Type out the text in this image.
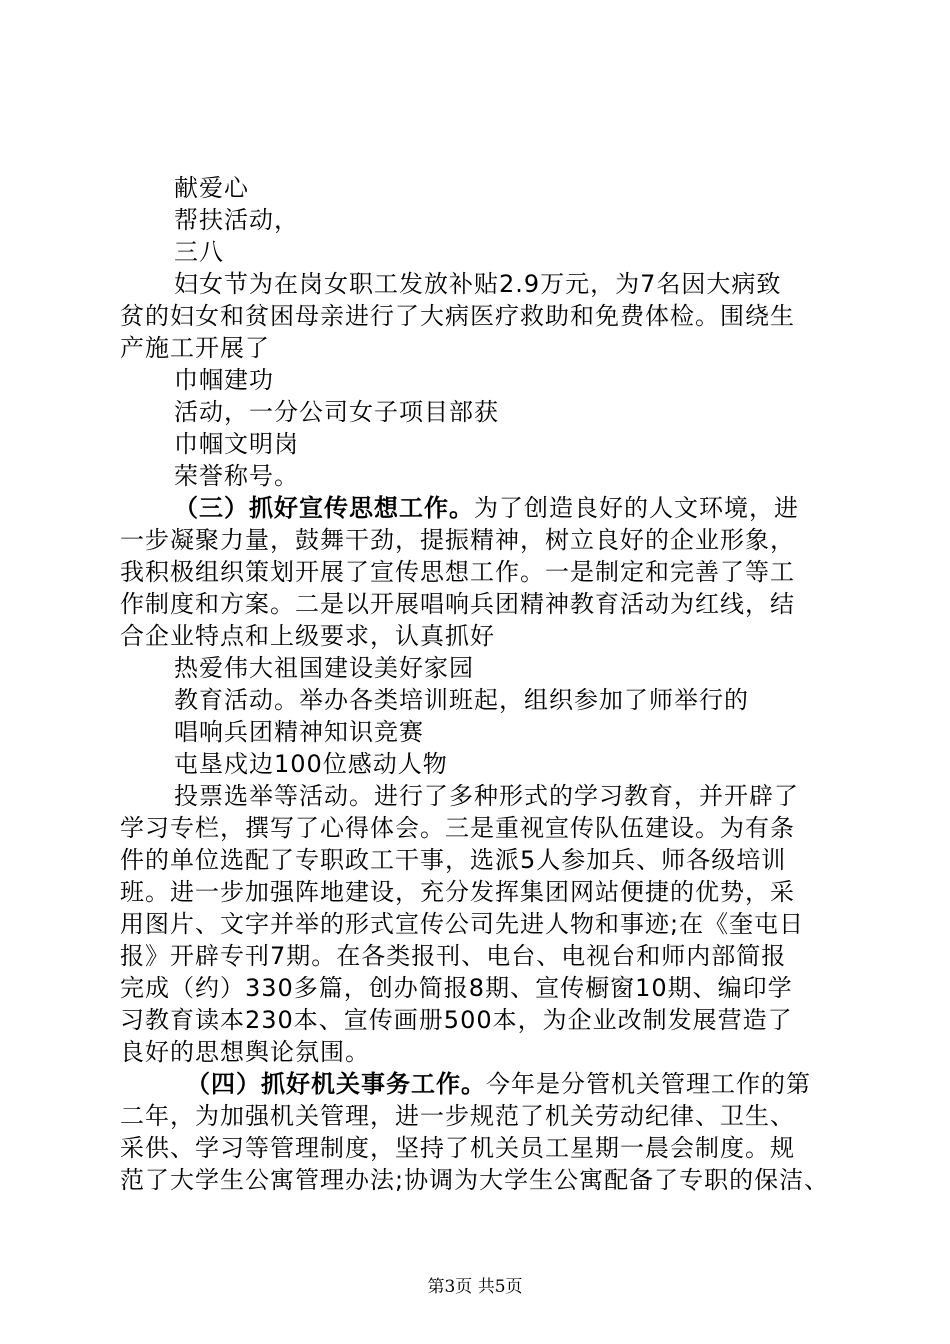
献爱心
帮扶活动，
三八
妇女节为在岗女职工发放补贴2.9万元，为7名因大病致
贫的妇女和贫困母亲进行了大病医疗救助和免费体检。围绕生
产施工开展了
巾帼建功
活动，一分公司女子项目部获
巾帼文明岗
荣誉称号。
（三）抓好宣传思想工作。为了创造良好的人文环境，进
一步凝聚力量，鼓舞干劲，提振精神，树立良好的企业形象，
我积极组织策划开展了宣传思想工作。一是制定和完善了等工
作制度和方案。二是以开展唱响兵团精神教育活动为红线，结
合企业特点和上级要求，认真抓好
热爱伟大祖国建设美好家园
教育活动。举办各类培训班起，组织参加了师举行的
唱响兵团精神知识竞赛
屯垦戍边100位感动人物
投票选举等活动。进行了多种形式的学习教育，并开辟了
学习专栏，撰写了心得体会。三是重视宣传队伍建设。为有条
件的单位选配了专职政工干事，选派5人参加兵、师各级培训
班。进一步加强阵地建设，充分发挥集团网站便捷的优势，采
用图片、文字并举的形式宣传公司先进人物和事迹;在《奎屯日
报》开辟专刊7期。在各类报刊、电台、电视台和师内部简报
完成（约）330多篇，创办简报8期、宣传橱窗10期、编印学
习教育读本230本、宣传画册500本，为企业改制发展营造了
良好的思想舆论氛围。
（四）抓好机关事务工作。今年是分管机关管理工作的第
二年，为加强机关管理，进一步规范了机关劳动纪律、卫生、
采供、学习等管理制度，坚持了机关员工星期一晨会制度。规
范了大学生公寓管理办法;协调为大学生公寓配备了专职的保洁、
第3页 共5页
